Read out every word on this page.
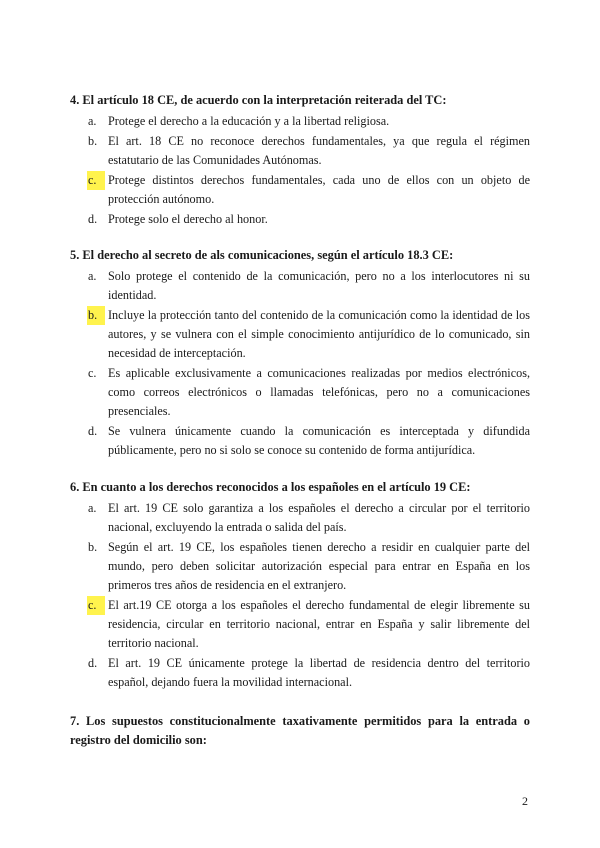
4. El artículo 18 CE, de acuerdo con la interpretación reiterada del TC:

a. Protege el derecho a la educación y a la libertad religiosa.
b. El art. 18 CE no reconoce derechos fundamentales, ya que regula el régimen estatutario de las Comunidades Autónomas.
c. Protege distintos derechos fundamentales, cada uno de ellos con un objeto de protección autónomo.
d. Protege solo el derecho al honor.

5. El derecho al secreto de als comunicaciones, según el artículo 18.3 CE:

a. Solo protege el contenido de la comunicación, pero no a los interlocutores ni su identidad.
b. Incluye la protección tanto del contenido de la comunicación como la identidad de los autores, y se vulnera con el simple conocimiento antijurídico de lo comunicado, sin necesidad de interceptación.
c. Es aplicable exclusivamente a comunicaciones realizadas por medios electrónicos, como correos electrónicos o llamadas telefónicas, pero no a comunicaciones presenciales.
d. Se vulnera únicamente cuando la comunicación es interceptada y difundida públicamente, pero no si solo se conoce su contenido de forma antijurídica.

6. En cuanto a los derechos reconocidos a los españoles en el artículo 19 CE:

a. El art. 19 CE solo garantiza a los españoles el derecho a circular por el territorio nacional, excluyendo la entrada o salida del país.
b. Según el art. 19 CE, los españoles tienen derecho a residir en cualquier parte del mundo, pero deben solicitar autorización especial para entrar en España en los primeros tres años de residencia en el extranjero.
c. El art.19 CE otorga a los españoles el derecho fundamental de elegir libremente su residencia, circular en territorio nacional, entrar en España y salir libremente del territorio nacional.
d. El art. 19 CE únicamente protege la libertad de residencia dentro del territorio español, dejando fuera la movilidad internacional.

7. Los supuestos constitucionalmente taxativamente permitidos para la entrada o

registro del domicilio son:

2
